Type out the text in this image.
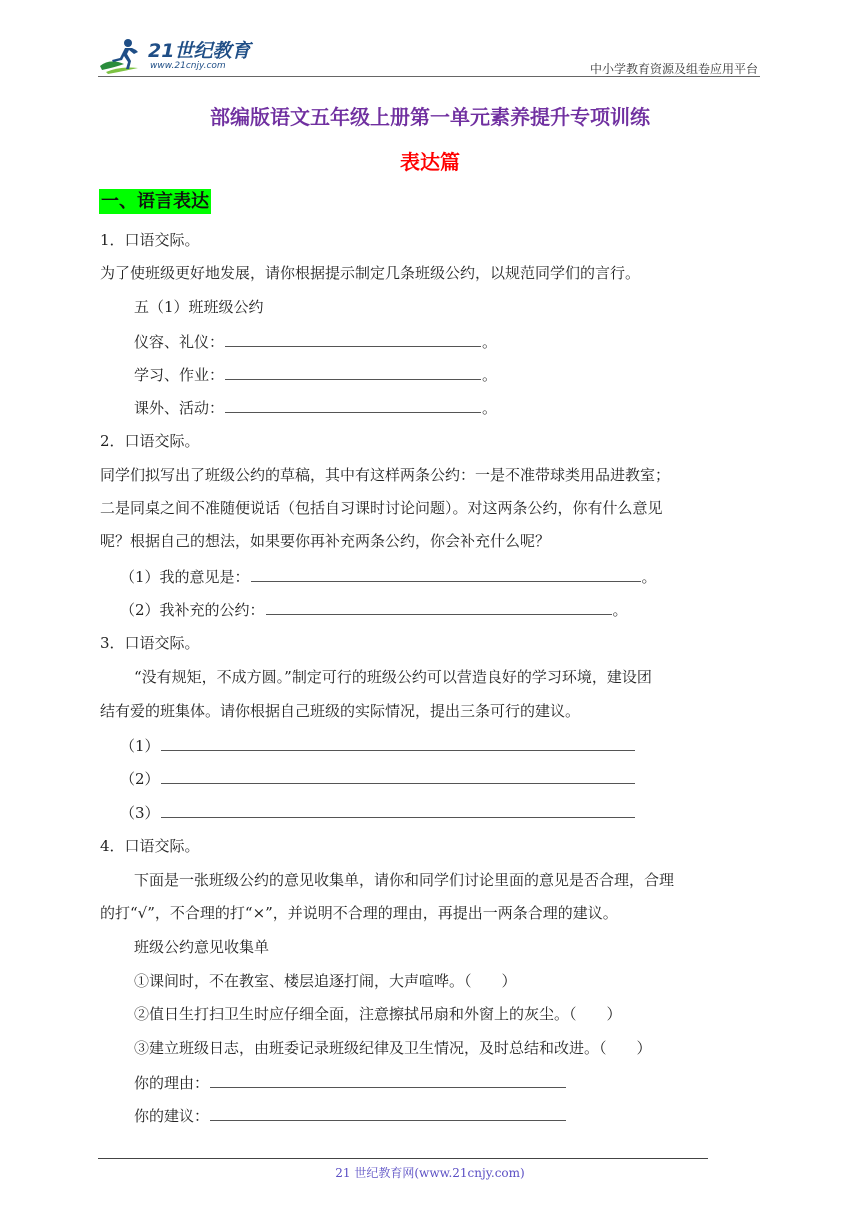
21世纪教育
www.21cnjy.com	中小学教育资源及组卷应用平台
部编版语文五年级上册第一单元素养提升专项训练
表达篇
一、语言表达
1．口语交际。
为了使班级更好地发展，请你根据提示制定几条班级公约，以规范同学们的言行。
五（1）班班级公约
仪容、礼仪：	。
学习、作业：	。
课外、活动：	。
2．口语交际。
同学们拟写出了班级公约的草稿，其中有这样两条公约：一是不准带球类用品进教室；
二是同桌之间不准随便说话（包括自习课时讨论问题）。对这两条公约，你有什么意见
呢？根据自己的想法，如果要你再补充两条公约，你会补充什么呢？
（1）我的意见是：	。
（2）我补充的公约：	。
3．口语交际。
“没有规矩，不成方圆。”制定可行的班级公约可以营造良好的学习环境，建设团
结有爱的班集体。请你根据自己班级的实际情况，提出三条可行的建议。
（1）
（2）
（3）
4．口语交际。
下面是一张班级公约的意见收集单，请你和同学们讨论里面的意见是否合理，合理
的打“√”，不合理的打“×”，并说明不合理的理由，再提出一两条合理的建议。
班级公约意见收集单
①课间时，不在教室、楼层追逐打闹，大声喧哗。（　　）
②值日生打扫卫生时应仔细全面，注意擦拭吊扇和外窗上的灰尘。（　　）
③建立班级日志，由班委记录班级纪律及卫生情况，及时总结和改进。（　　）
你的理由：
你的建议：
21 世纪教育网(www.21cnjy.com)
